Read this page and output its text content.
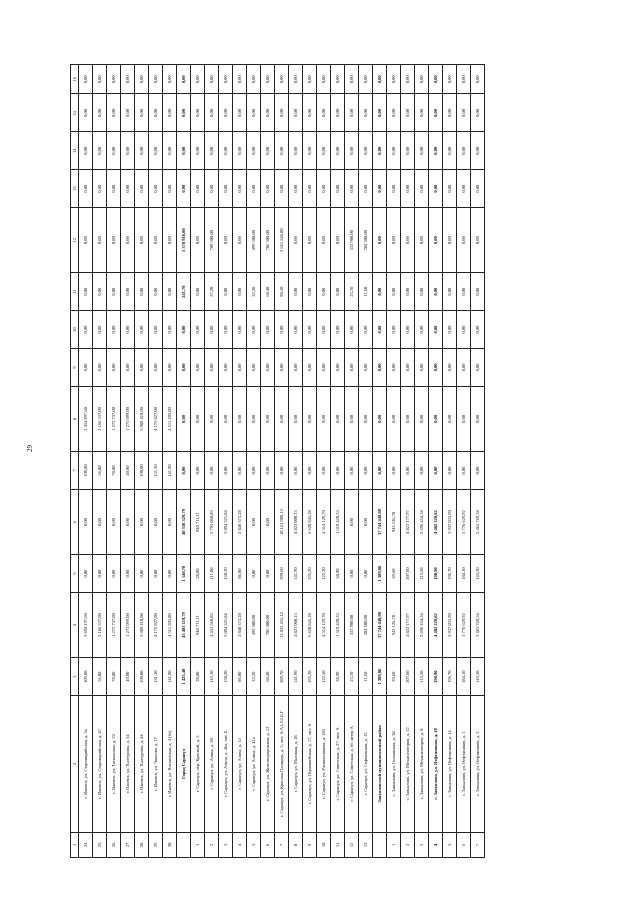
29
1	2	3	4	5	6	7	8	9	10	11	12	13	14	15	16
24	г. Ижевск, ул. Старомарийская, д. 3а	109,80	3 694 197,60	0,00	0,00	109,80	1 454 897,60	0,00	0,00	0,00	0,00	0,00	0,00	0,00	0,00
25	г. Ижевск, ул. Старомарийская, д. 47	56,00	2 166 337,00	0,00	0,00	56,00	2 166 337,00	0,00	0,00	0,00	0,00	0,00	0,00	0,00	0,00
26	г. Ижевск, ул. Тагильская, д. 22	78,80	1 272 737,00	0,00	0,00	78,80	1 272 737,00	0,00	0,00	0,00	0,00	0,00	0,00	0,00	0,00
27	г. Ижевск, ул. Халтурина, д. 34	40,00	1 275 099,00	0,00	0,00	40,00	1 275 099,00	0,00	0,00	0,00	0,00	0,00	0,00	0,00	0,00
28	г. Ижевск, ул. Халтурина, д. 44	190,00	5 989 418,00	0,00	0,00	190,00	5 989 418,00	0,00	0,00	0,00	0,00	0,00	0,00	0,00	0,00
29	г. Ижевск, ул. Чкалова, д. 17	131,30	4 175 827,00	0,00	0,00	131,30	4 175 827,00	0,00	0,00	0,00	0,00	0,00	0,00	0,00	0,00
30	г. Ижевск, ул. Воткинская, д. 4 (бл)	141,90	4 511 203,00	0,00	0,00	141,90	4 511 203,00	0,00	0,00	0,00	0,00	0,00	0,00	0,00	0,00
	Город Сарапул	1 425,40	45 483 119,79	1 148,70	40 338 329,79	0,00	0,00	0,00	0,00	241,70	5 378 916,00	0,00	0,00	0,00	0,00
1	г. Сарапул, пер. Красный, д. 5	28,80	940 711,11	28,80	940 711,11	0,00	0,00	0,00	0,00	0,00	0,00	0,00	0,00	0,00	0,00
2	г. Сарапул, ул. Азина, д. 50	145,10	4 452 560,83	111,80	3 793 060,83	0,00	0,00	0,00	0,00	37,20	709 500,00	0,00	0,00	0,00	0,00
3	г. Сарапул, ул. Азина, д. 46а, лит. Б	150,20	5 094 321,84	150,20	5 094 321,84	0,00	0,00	0,00	0,00	0,00	0,00	0,00	0,00	0,00	0,00
4	г. Сарапул, ул. Азина, д. 12	86,00	2 840 373,28	86,00	2 840 373,28	0,00	0,00	0,00	0,00	0,00	0,00	0,00	0,00	0,00	0,00
5	г. Сарапул, ул. Азина, д. 41а	32,20	499 500,00	0,00	0,00	0,00	0,00	0,00	0,00	32,20	499 500,00	0,00	0,00	0,00	0,00
6	г. Сарапул, ул. Железнодорожная, д. 12	68,40	786 500,00	0,00	0,00	0,00	0,00	0,00	0,00	68,40	786 500,00	0,00	0,00	0,00	0,00
7	г. Сарапул, ул. Красная Площадь, д. 5, лит. А,А1,А2,Б,Г	389,70	13 823 455,12	299,60	10 161 909,13	0,00	0,00	0,00	0,00	90,10	2 661 546,00	0,00	0,00	0,00	0,00
8	г. Сарапул, ул. Мысовая, д. 18	141,90	4 823 000,13	141,90	4 823 000,13	0,00	0,00	0,00	0,00	0,00	0,00	0,00	0,00	0,00	0,00
9	г. Сарапул, ул. Первомайская, д. 17, лит. А	195,20	6 620 845,28	195,20	6 620 845,28	0,00	0,00	0,00	0,00	0,00	0,00	0,00	0,00	0,00	0,00
10	г. Сарапул, ул. Раскольникова, д. 183	122,50	4 314 129,70	122,50	4 314 129,70	0,00	0,00	0,00	0,00	0,00	0,00	0,00	0,00	0,00	0,00
11	г. Сарапул, ул. Советская, д. 27, лит. А	38,90	1 319 420,33	38,90	1 319 420,33	0,00	0,00	0,00	0,00	0,00	0,00	0,00	0,00	0,00	0,00
12	г. Сарапул, ул. Советская, д. 66 литер А	23,10	333 900,00	0,00	0,00	0,00	0,00	0,00	0,00	23,10	333 900,00	0,00	0,00	0,00	0,00
13	г. Сарапул, ул. Софьинская, д. 13	11,60	284 500,00	0,00	0,00	0,00	0,00	0,00	0,00	11,60	284 500,00	0,00	0,00	0,00	0,00
	Завьяловский муниципальный район	1 389,86	37 744 440,98	1 389,86	37 744 440,98	0,00	0,00	0,00	0,00	0,00	0,00	0,00	0,00	0,00	0,00
1	с. Завьялово, ул. Гольянская, д. 38	39,60	943 126,78	39,60	943 126,78	0,00	0,00	0,00	0,00	0,00	0,00	0,00	0,00	0,00	0,00
2	с. Завьялово, ул. Механизаторов, д. 12	207,60	4 822 177,97	207,60	4 822 177,97	0,00	0,00	0,00	0,00	0,00	0,00	0,00	0,00	0,00	0,00
3	с. Завьялово, ул. Механизаторов, д. 8	115,50	2 696 454,54	115,50	2 696 454,54	0,00	0,00	0,00	0,00	0,00	0,00	0,00	0,00	0,00	0,00
4	с. Завьялово, ул. Нефтяников, д. 18	198,90	4 482 220,62	198,90	4 482 220,62	0,00	0,00	0,00	0,00	0,00	0,00	0,00	0,00	0,00	0,00
5	с. Завьялово, ул. Нефтяников, д. 14	196,70	3 937 033,90	196,70	3 937 033,90	0,00	0,00	0,00	0,00	0,00	0,00	0,00	0,00	0,00	0,00
6	с. Завьялово, ул. Нефтяников, д. 1	184,10	3 776 629,92	184,10	3 776 629,92	0,00	0,00	0,00	0,00	0,00	0,00	0,00	0,00	0,00	0,00
7	с. Завьялово, ул. Нефтяников, д. 2	143,50	3 463 769,54	143,50	3 463 769,54	0,00	0,00	0,00	0,00	0,00	0,00	0,00	0,00	0,00	0,00
